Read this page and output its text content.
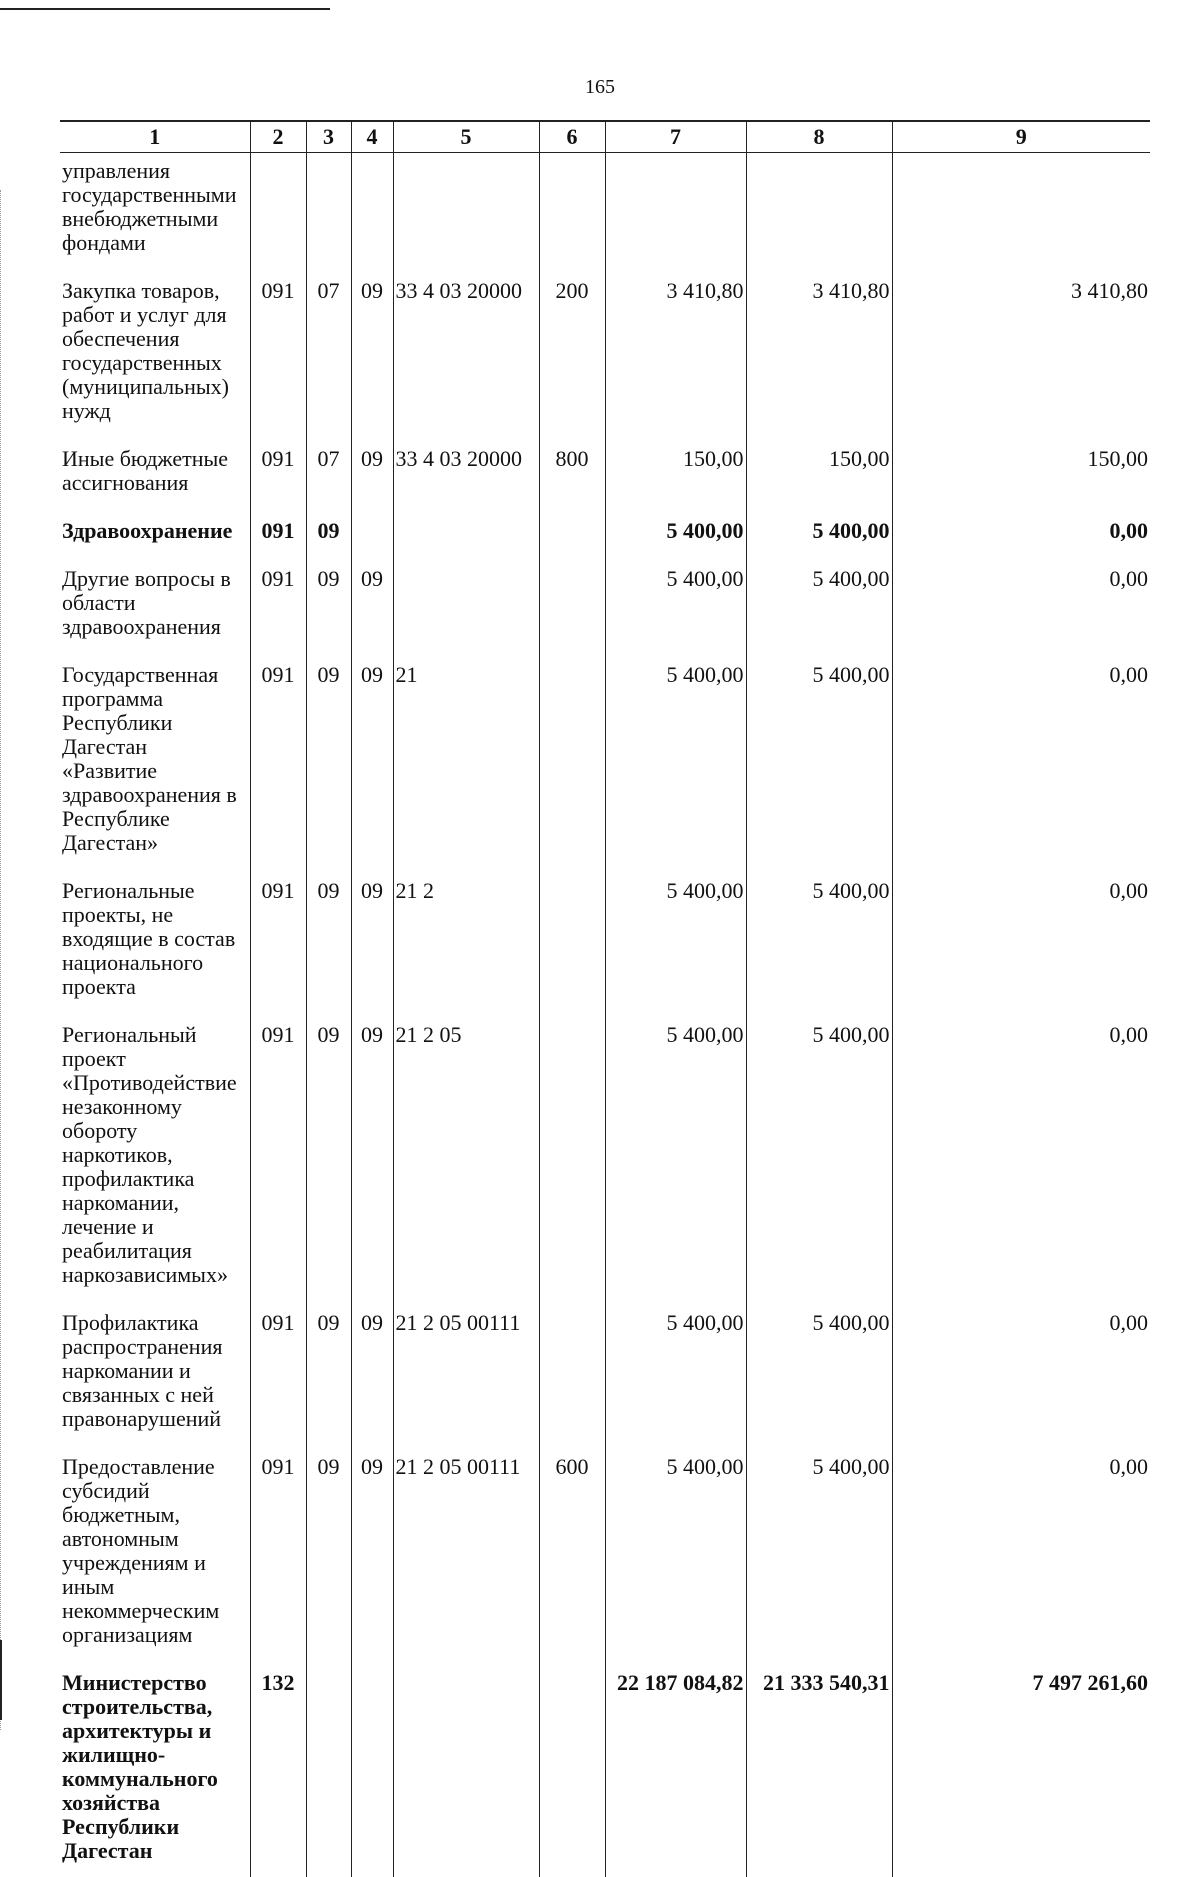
165
1	2	3	4	5	6	7	8	9
управления государственными внебюджетными фондами								
Закупка товаров, работ и услуг для обеспечения государственных (муниципальных) нужд	091	07	09	33 4 03 20000	200	3 410,80	3 410,80	3 410,80
Иные бюджетные ассигнования	091	07	09	33 4 03 20000	800	150,00	150,00	150,00
Здравоохранение	091	09				5 400,00	5 400,00	0,00
Другие вопросы в области здравоохранения	091	09	09			5 400,00	5 400,00	0,00
Государственная программа Республики Дагестан «Развитие здравоохранения в Республике Дагестан»	091	09	09	21		5 400,00	5 400,00	0,00
Региональные проекты, не входящие в состав национального проекта	091	09	09	21 2		5 400,00	5 400,00	0,00
Региональный проект «Противодействие незаконному обороту наркотиков, профилактика наркомании, лечение и реабилитация наркозависимых»	091	09	09	21 2 05		5 400,00	5 400,00	0,00
Профилактика распространения наркомании и связанных с ней правонарушений	091	09	09	21 2 05 00111		5 400,00	5 400,00	0,00
Предоставление субсидий бюджетным, автономным учреждениям и иным некоммерческим организациям	091	09	09	21 2 05 00111	600	5 400,00	5 400,00	0,00
Министерство строительства, архитектуры и жилищно-коммунального хозяйства Республики Дагестан	132					22 187 084,82	21 333 540,31	7 497 261,60
